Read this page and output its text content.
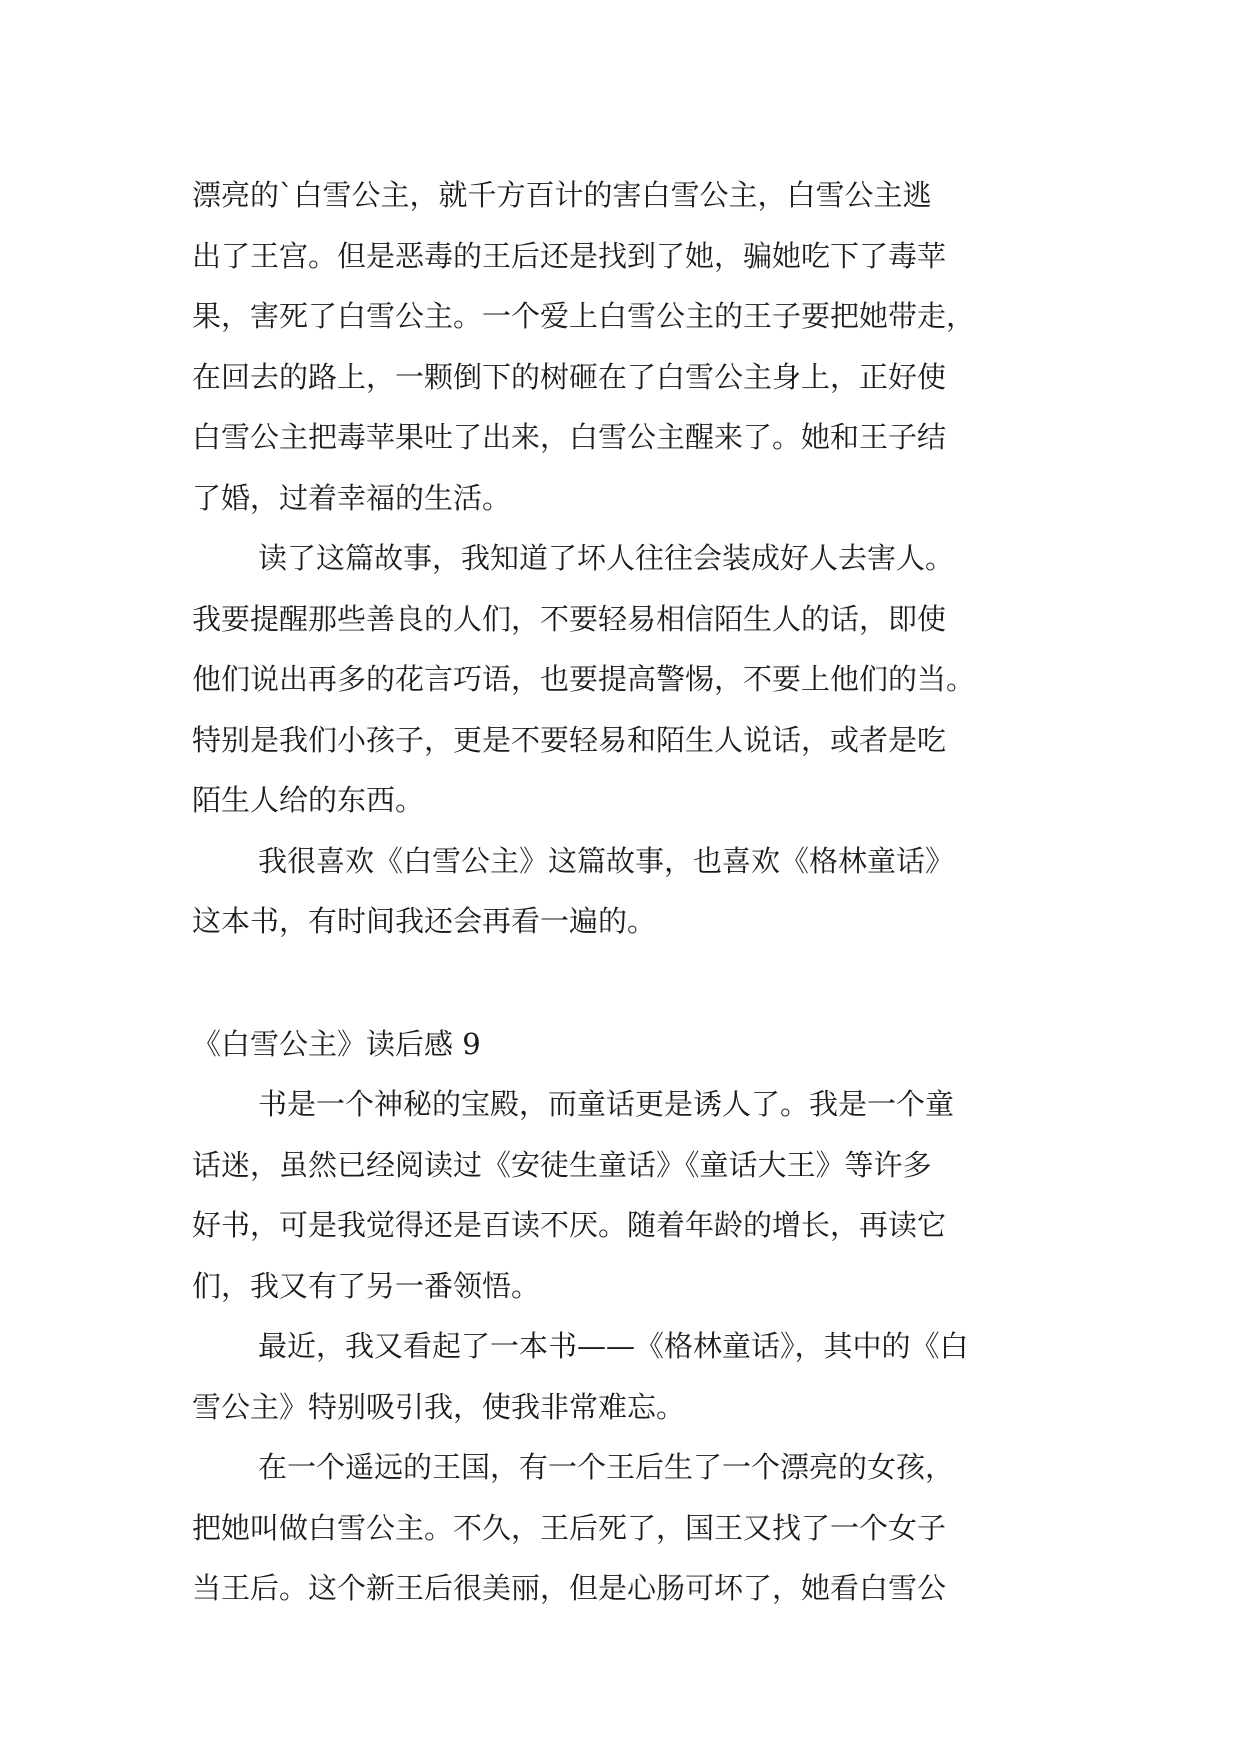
漂亮的`白雪公主，就千方百计的害白雪公主，白雪公主逃
出了王宫。但是恶毒的王后还是找到了她，骗她吃下了毒苹
果，害死了白雪公主。一个爱上白雪公主的王子要把她带走，
在回去的路上，一颗倒下的树砸在了白雪公主身上，正好使
白雪公主把毒苹果吐了出来，白雪公主醒来了。她和王子结
了婚，过着幸福的生活。
读了这篇故事，我知道了坏人往往会装成好人去害人。
我要提醒那些善良的人们，不要轻易相信陌生人的话，即使
他们说出再多的花言巧语，也要提高警惕，不要上他们的当。
特别是我们小孩子，更是不要轻易和陌生人说话，或者是吃
陌生人给的东西。
我很喜欢《白雪公主》这篇故事，也喜欢《格林童话》
这本书，有时间我还会再看一遍的。
《白雪公主》读后感 9
书是一个神秘的宝殿，而童话更是诱人了。我是一个童
话迷，虽然已经阅读过《安徒生童话》《童话大王》等许多
好书，可是我觉得还是百读不厌。随着年龄的增长，再读它
们，我又有了另一番领悟。
最近，我又看起了一本书——《格林童话》，其中的《白
雪公主》特别吸引我，使我非常难忘。
在一个遥远的王国，有一个王后生了一个漂亮的女孩，
把她叫做白雪公主。不久，王后死了，国王又找了一个女子
当王后。这个新王后很美丽，但是心肠可坏了，她看白雪公
